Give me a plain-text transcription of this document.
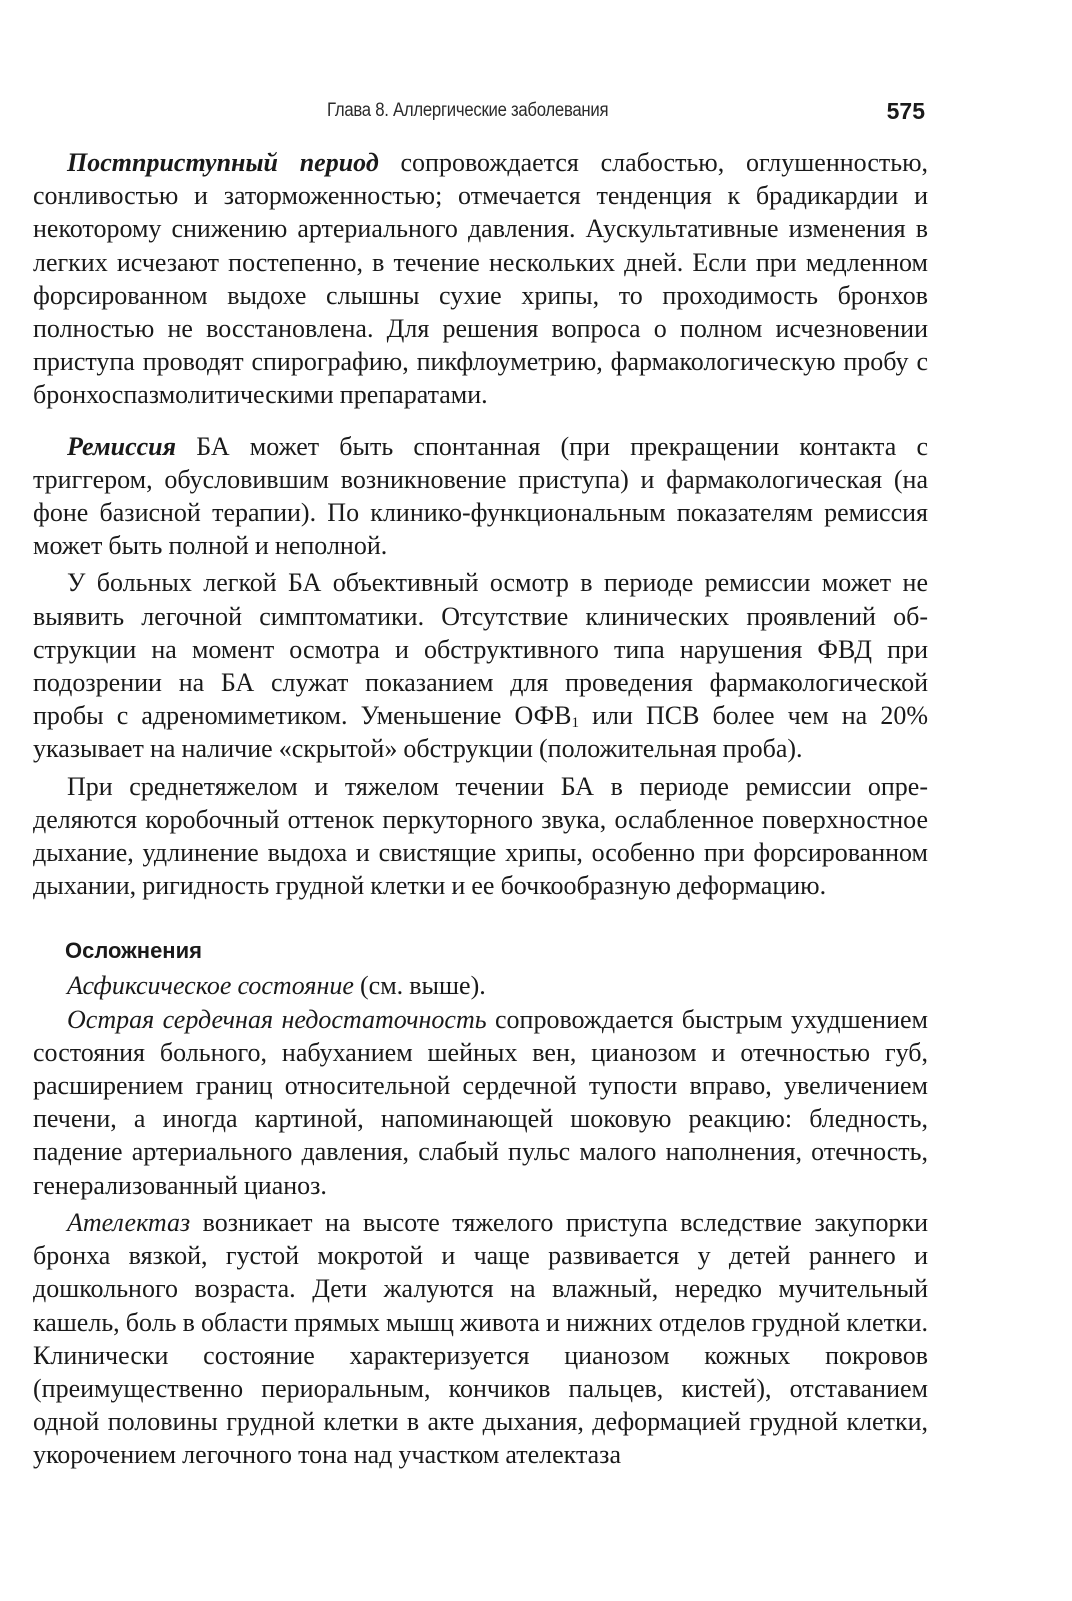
Глава 8. Аллергические заболевания	575

Постприступный период сопровождается слабостью, оглушенностью, сонливостью и заторможенностью; отмечается тенденция к брадикардии и некоторому снижению артериального давления. Аускультативные изменения в легких исчезают постепенно, в течение нескольких дней. Если при медленном форсированном выдохе слышны сухие хрипы, то проходимость бронхов полностью не восстановлена. Для решения вопроса о полном исчезновении приступа проводят спирографию, пикфлоуметрию, фармакологическую пробу с бронхоспазмолитическими препаратами.

Ремиссия БА может быть спонтанная (при прекращении контакта с триггером, обусловившим возникновение приступа) и фармакологическая (на фоне базисной терапии). По клинико-функциональным показателям ремиссия может быть полной и неполной.

У больных легкой БА объективный осмотр в периоде ремиссии может не выявить легочной симптоматики. Отсутствие клинических проявлений обструкции на момент осмотра и обструктивного типа нарушения ФВД при подозрении на БА служат показанием для проведения фармакологической пробы с адреномиметиком. Уменьшение $ОФВ_1$ или ПСВ более чем на 20% указывает на наличие «скрытой» обструкции (положительная проба).

При среднетяжелом и тяжелом течении БА в периоде ремиссии определяются коробочный оттенок перкуторного звука, ослабленное поверхностное дыхание, удлинение выдоха и свистящие хрипы, особенно при форсированном дыхании, ригидность грудной клетки и ее бочкообразную деформацию.

Осложнения

Асфиксическое состояние (см. выше).

Острая сердечная недостаточность сопровождается быстрым ухудшением состояния больного, набуханием шейных вен, цианозом и отечностью губ, расширением границ относительной сердечной тупости вправо, увеличением печени, а иногда картиной, напоминающей шоковую реакцию: бледность, падение артериального давления, слабый пульс малого наполнения, отечность, генерализованный цианоз.

Ателектаз возникает на высоте тяжелого приступа вследствие закупорки бронха вязкой, густой мокротой и чаще развивается у детей раннего и дошкольного возраста. Дети жалуются на влажный, нередко мучительный кашель, боль в области прямых мышц живота и нижних отделов грудной клетки. Клинически состояние характеризуется цианозом кожных покровов (преимущественно периоральным, кончиков пальцев, кистей), отставанием одной половины грудной клетки в акте дыхания, деформацией грудной клетки, укорочением легочного тона над участком ателектаза
